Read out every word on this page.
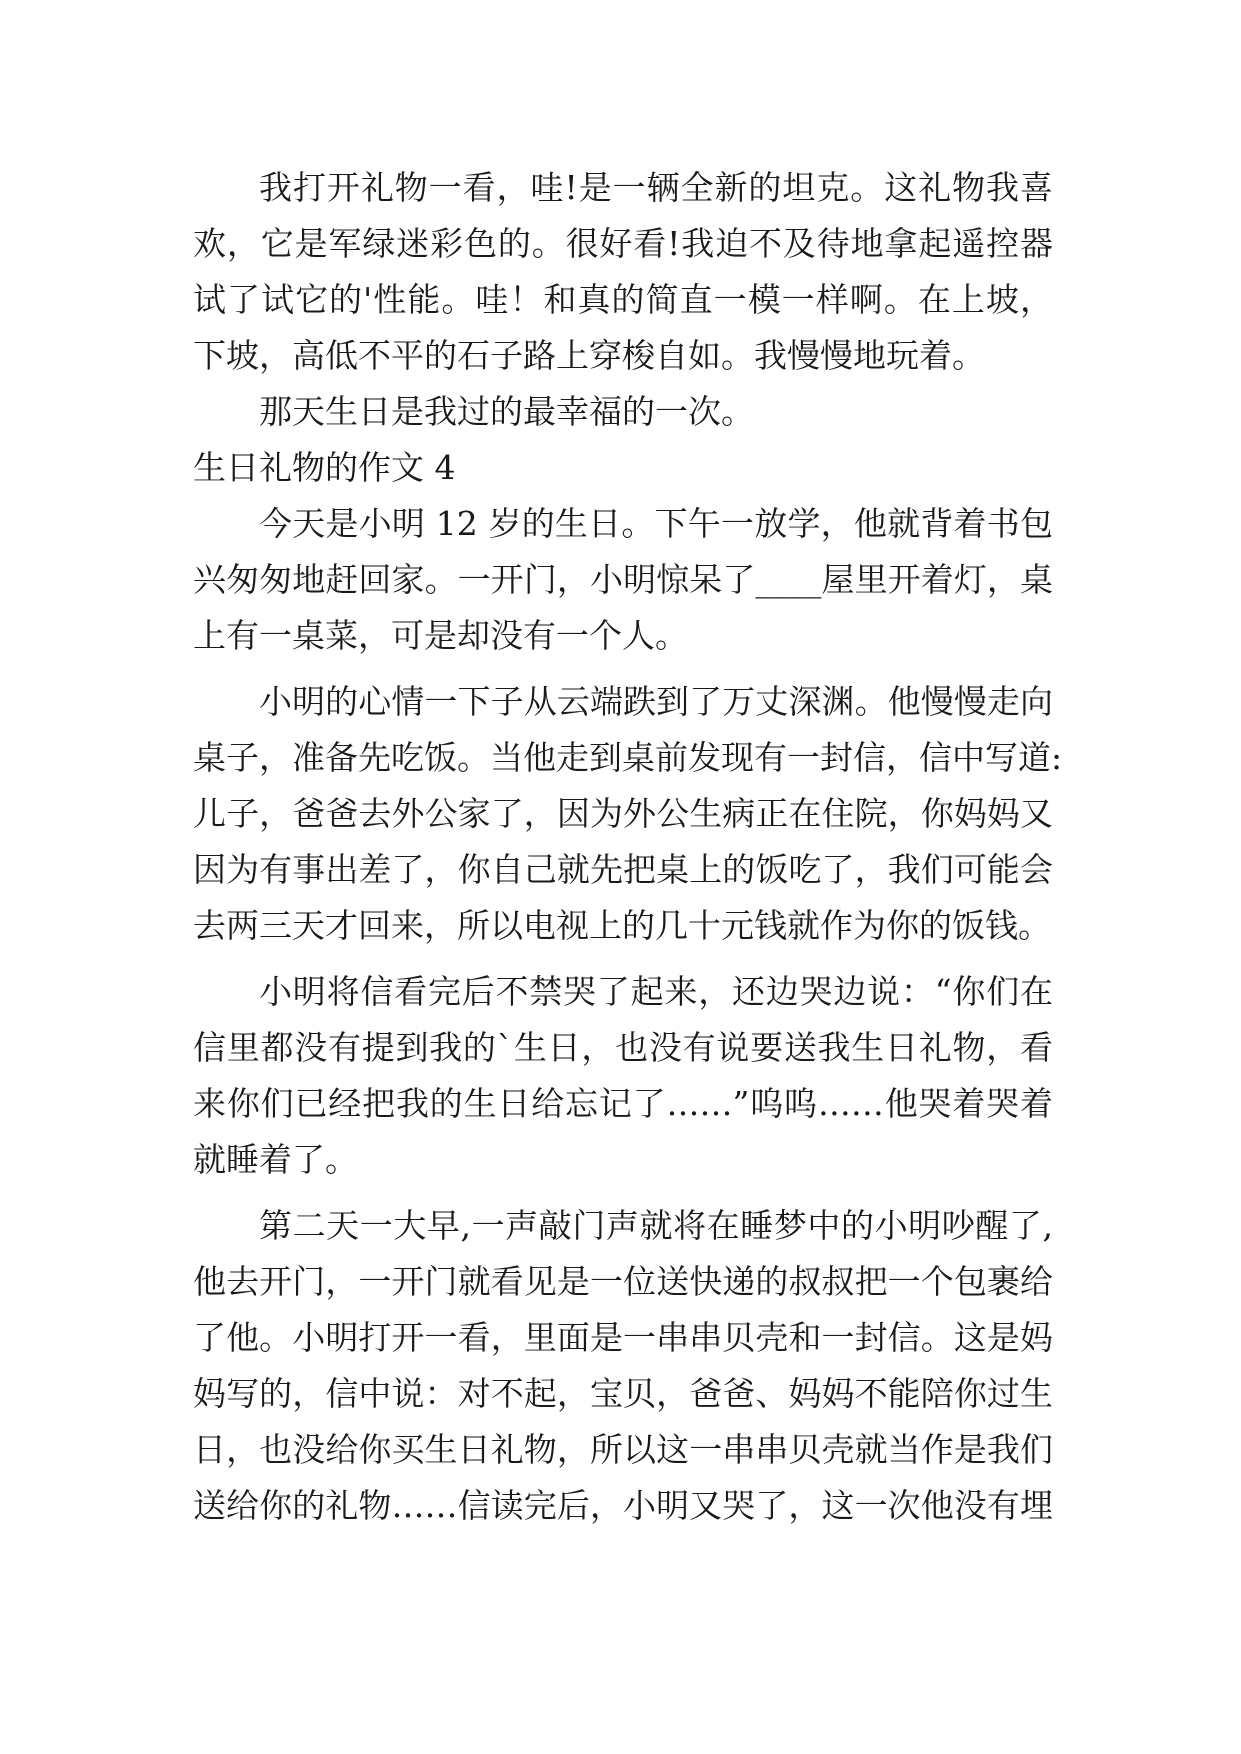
我打开礼物一看，哇!是一辆全新的坦克。这礼物我喜
欢，它是军绿迷彩色的。很好看!我迫不及待地拿起遥控器
试了试它的'性能。哇！和真的简直一模一样啊。在上坡，
下坡，高低不平的石子路上穿梭自如。我慢慢地玩着。
那天生日是我过的最幸福的一次。
生日礼物的作文 4
今天是小明 12 岁的生日。下午一放学，他就背着书包
兴匆匆地赶回家。一开门，小明惊呆了____屋里开着灯，桌
上有一桌菜，可是却没有一个人。
小明的心情一下子从云端跌到了万丈深渊。他慢慢走向
桌子，准备先吃饭。当他走到桌前发现有一封信，信中写道:
儿子，爸爸去外公家了，因为外公生病正在住院，你妈妈又
因为有事出差了，你自己就先把桌上的饭吃了，我们可能会
去两三天才回来，所以电视上的几十元钱就作为你的饭钱。
小明将信看完后不禁哭了起来，还边哭边说：“你们在
信里都没有提到我的`生日，也没有说要送我生日礼物，看
来你们已经把我的生日给忘记了……”呜呜……他哭着哭着
就睡着了。
第二天一大早,一声敲门声就将在睡梦中的小明吵醒了,
他去开门，一开门就看见是一位送快递的叔叔把一个包裹给
了他。小明打开一看，里面是一串串贝壳和一封信。这是妈
妈写的，信中说：对不起，宝贝，爸爸、妈妈不能陪你过生
日，也没给你买生日礼物，所以这一串串贝壳就当作是我们
送给你的礼物……信读完后，小明又哭了，这一次他没有埋
